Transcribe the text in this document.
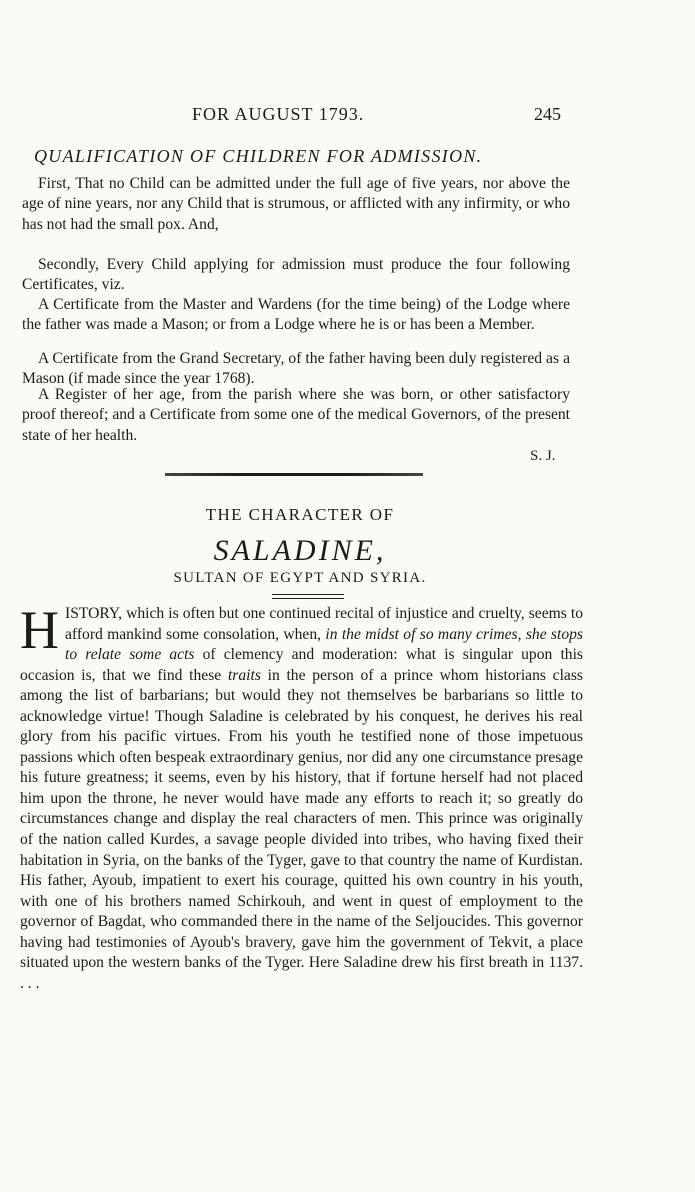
FOR AUGUST 1793.	245
QUALIFICATION OF CHILDREN FOR ADMISSION.

First, That no Child can be admitted under the full age of five years, nor above the age of nine years, nor any Child that is strumous, or afflicted with any infirmity, or who has not had the small pox. And,

Secondly, Every Child applying for admission must produce the four following Certificates, viz.

A Certificate from the Master and Wardens (for the time being) of the Lodge where the father was made a Mason; or from a Lodge where he is or has been a Member.

A Certificate from the Grand Secretary, of the father having been duly registered as a Mason (if made since the year 1768).

A Register of her age, from the parish where she was born, or other satisfactory proof thereof; and a Certificate from some one of the medical Governors, of the present state of her health.

S. J.
THE CHARACTER OF
SALADINE,
SULTAN OF EGYPT AND SYRIA.
H ISTORY, which is often but one continued recital of injustice and cruelty, seems to afford mankind some consolation, when, in the midst of so many crimes, she stops to relate some acts of clemency and moderation: what is singular upon this occasion is, that we find these traits in the person of a prince whom historians class among the list of barbarians; but would they not themselves be barbarians so little to acknowledge virtue! Though Saladine is celebrated by his conquest, he derives his real glory from his pacific virtues. From his youth he testified none of those impetuous passions which often bespeak extraordinary genius, nor did any one circumstance presage his future greatness; it seems, even by his history, that if fortune herself had not placed him upon the throne, he never would have made any efforts to reach it; so greatly do circumstances change and display the real characters of men. This prince was originally of the nation called Kurdes, a savage people divided into tribes, who having fixed their habitation in Syria, on the banks of the Tyger, gave to that country the name of Kurdistan. His father, Ayoub, impatient to exert his courage, quitted his own country in his youth, with one of his brothers named Schirkouh, and went in quest of employment to the governor of Bagdat, who commanded there in the name of the Seljoucides. This governor having had testimonies of Ayoub's bravery, gave him the government of Tekvit, a place situated upon the western banks of the Tyger. Here Saladine drew his first breath in 1137. . . .
